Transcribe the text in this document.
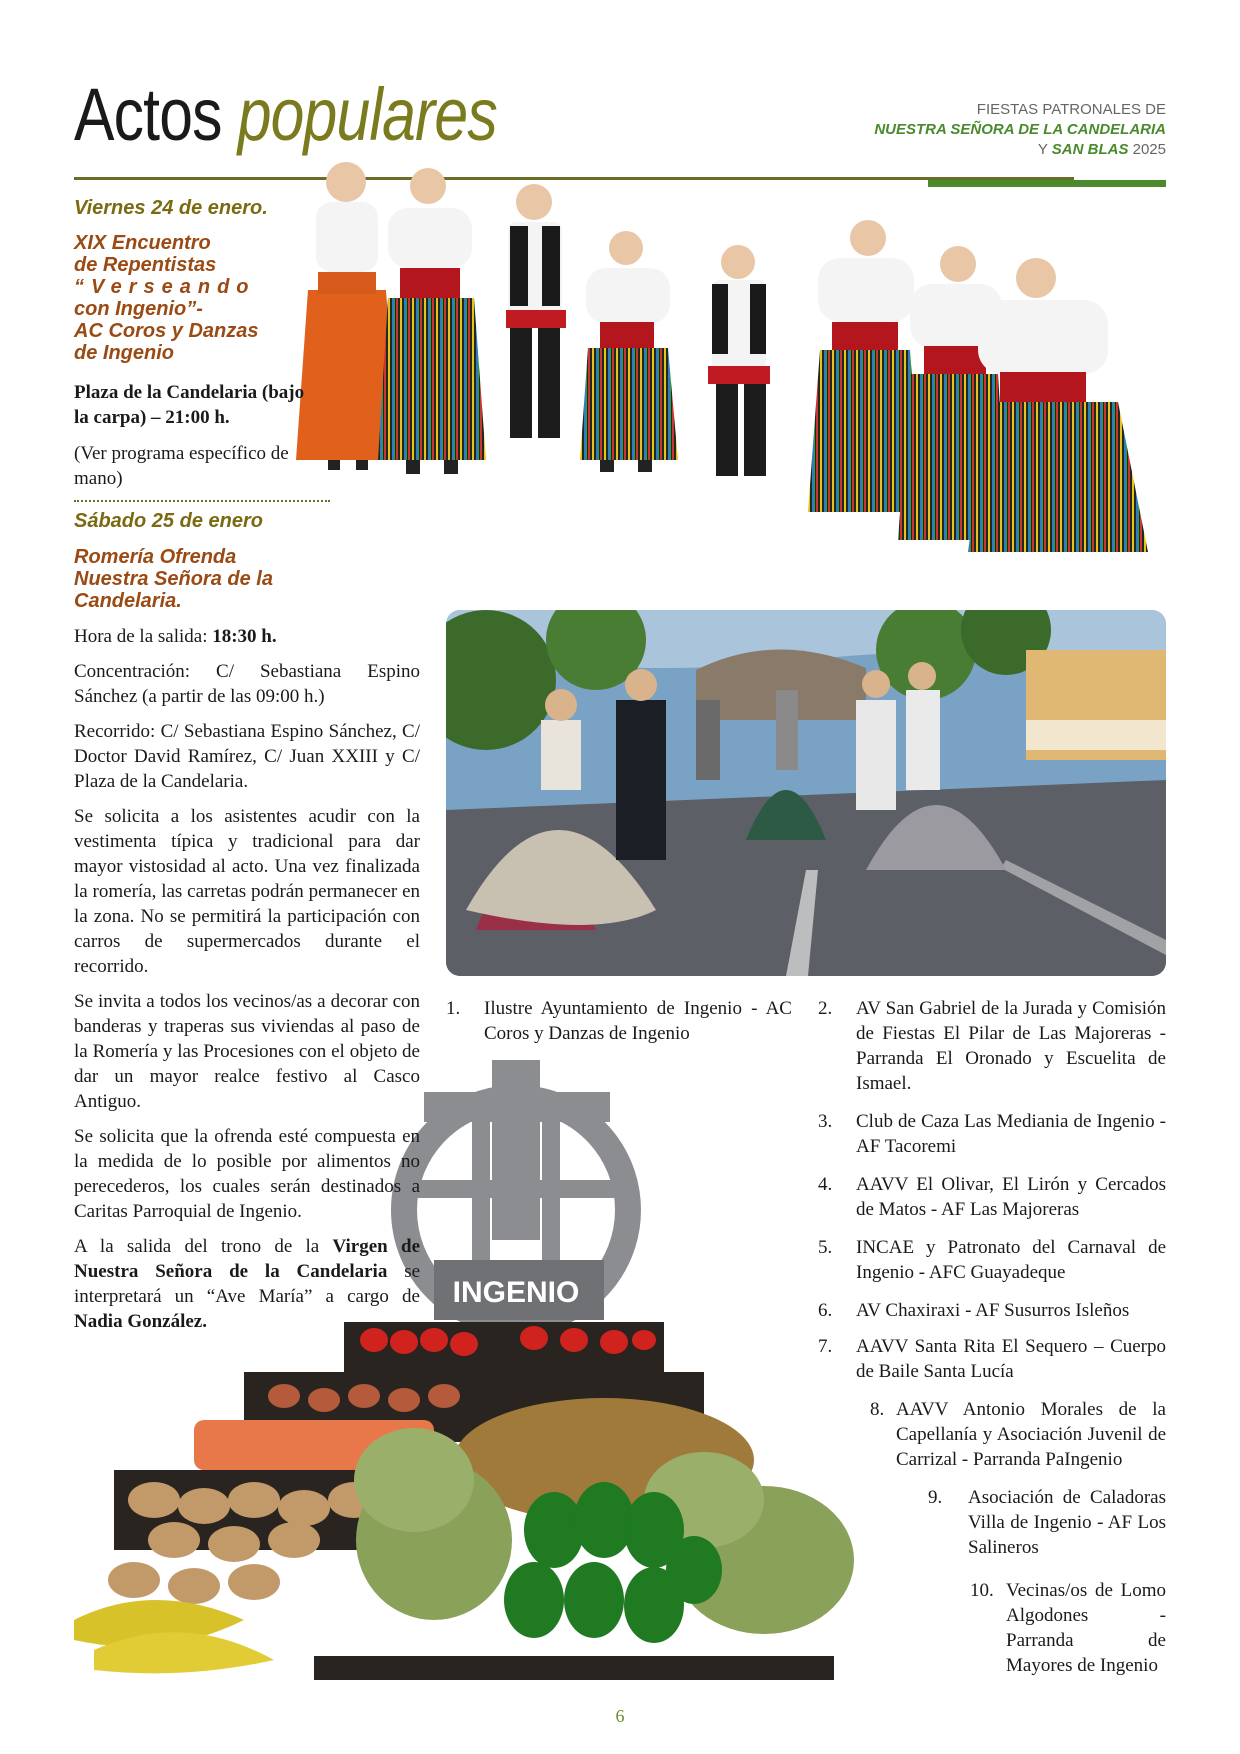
Actos populares	FIESTAS PATRONALES DE
NUESTRA SEÑORA DE LA CANDELARIA
Y SAN BLAS 2025
INGENIO
Viernes 24 de enero.
XIX Encuentro
de Repentistas
“Verseando
con Ingenio”-
AC Coros y Danzas
de Ingenio

Plaza de la Candelaria (bajo la carpa) – 21:00 h.

(Ver programa específico de mano)

Sábado 25 de enero
Romería Ofrenda
Nuestra Señora de la
Candelaria.

Hora de la salida: 18:30 h.

Concentración: C/ Sebastiana Espino Sánchez (a partir de las 09:00 h.)

Recorrido: C/ Sebastiana Espino Sánchez, C/ Doctor David Ramírez, C/ Juan XXIII y C/ Plaza de la Candelaria.

Se solicita a los asistentes acudir con la vestimenta típica y tradicional para dar mayor vistosidad al acto. Una vez finalizada la romería, las carretas podrán permanecer en la zona. No se permitirá la participación con carros de supermercados durante el recorrido.

Se invita a todos los vecinos/as a decorar con banderas y traperas sus viviendas al paso de la Romería y las Procesiones con el objeto de dar un mayor realce festivo al Casco Antiguo.

Se solicita que la ofrenda esté compuesta en la medida de lo posible por alimentos no perecederos, los cuales serán destinados a Caritas Parroquial de Ingenio.

A la salida del trono de la Virgen de Nuestra Señora de la Candelaria se interpretará un “Ave María” a cargo de Nadia González.

1. Ilustre Ayuntamiento de Ingenio - AC Coros y Danzas de Ingenio
2. AV San Gabriel de la Jurada y Comisión de Fiestas El Pilar de Las Majoreras - Parranda El Oronado y Escuelita de Ismael.
3. Club de Caza Las Mediania de Ingenio - AF Tacoremi
4. AAVV El Olivar, El Lirón y Cercados de Matos - AF Las Majoreras
5. INCAE y Patronato del Carnaval de Ingenio - AFC Guayadeque
6. AV Chaxiraxi - AF Susurros Isleños
7. AAVV Santa Rita El Sequero – Cuerpo de Baile Santa Lucía
8. AAVV Antonio Morales de la Capellanía y Asociación Juvenil de Carrizal - Parranda PaIngenio
9. Asociación de Caladoras Villa de Ingenio - AF Los Salineros
10. Vecinas/os de Lomo Algodones - Parranda de Mayores de Ingenio
6
